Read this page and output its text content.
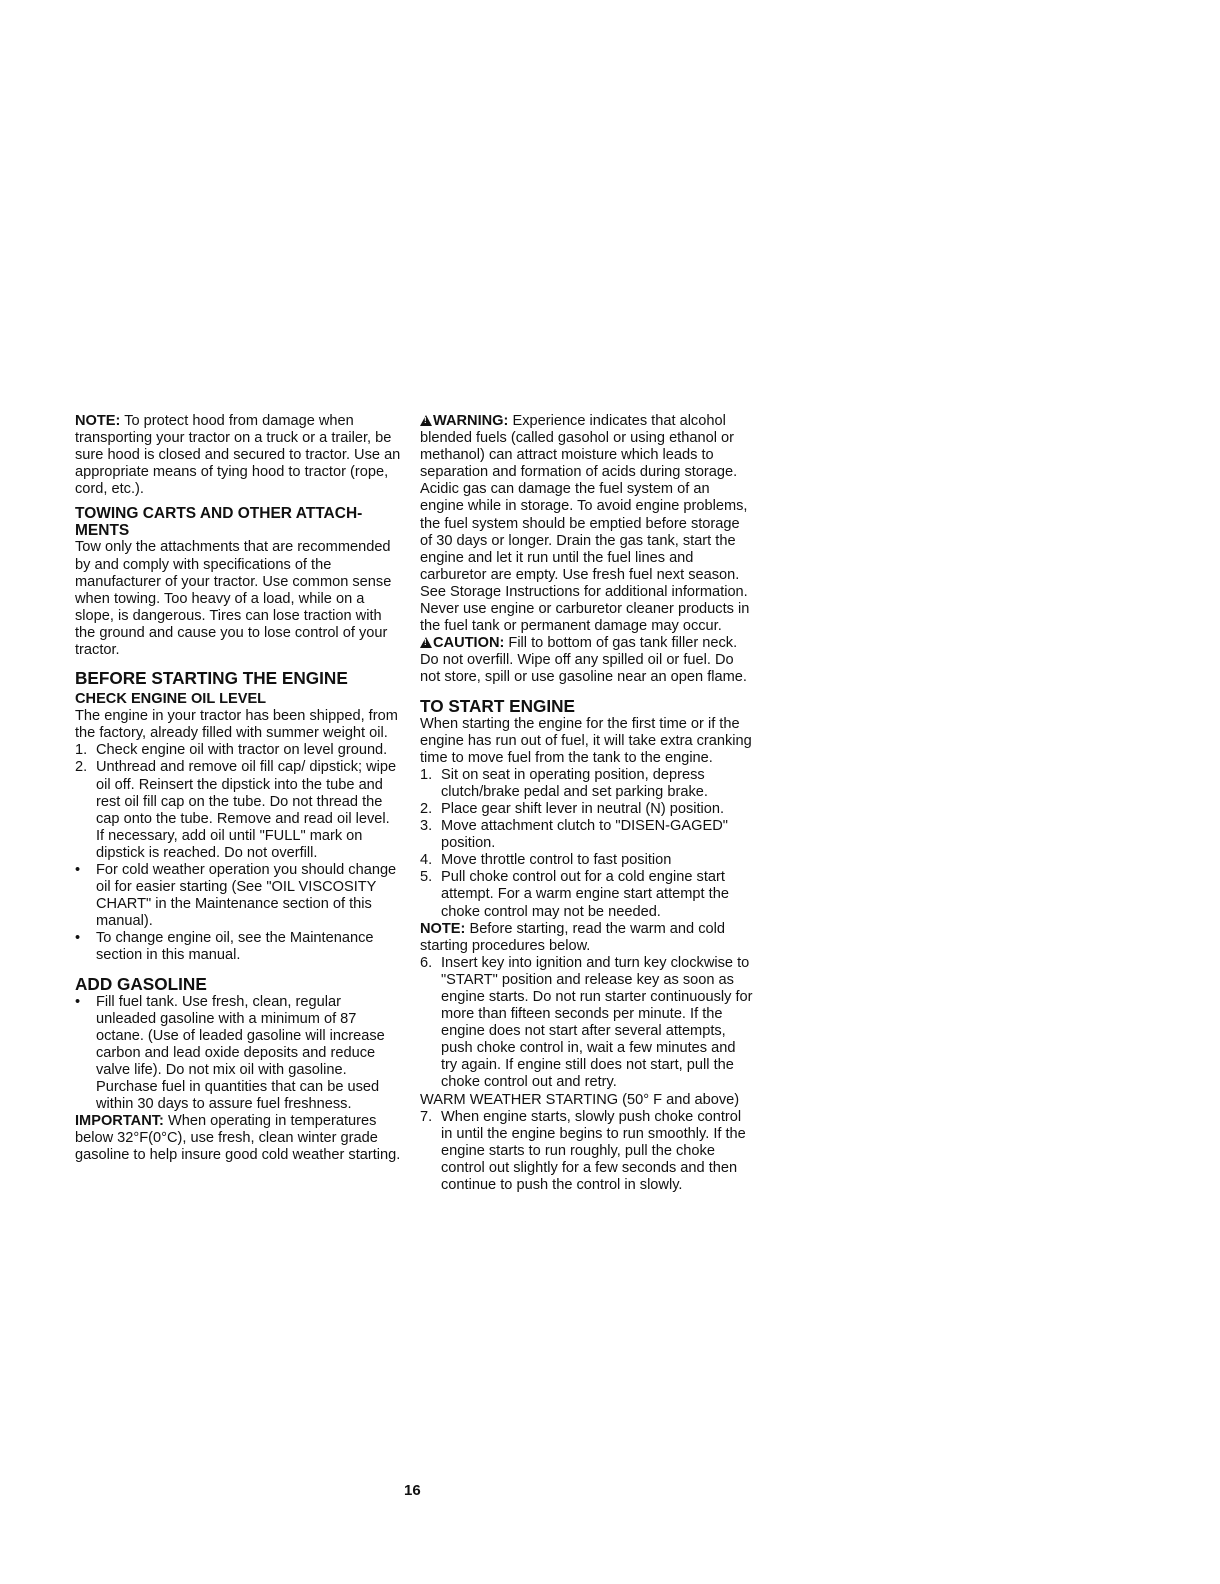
NOTE: To protect hood from damage when transporting your tractor on a truck or a trailer, be sure hood is closed and secured to tractor. Use an appropriate means of tying hood to tractor (rope, cord, etc.).

TOWING CARTS AND OTHER ATTACH-MENTS

Tow only the attachments that are recommended by and comply with specifications of the manufacturer of your tractor. Use common sense when towing. Too heavy of a load, while on a slope, is dangerous. Tires can lose traction with the ground and cause you to lose control of your tractor.

BEFORE STARTING THE ENGINE
CHECK ENGINE OIL LEVEL

The engine in your tractor has been shipped, from the factory, already filled with summer weight oil.

1. Check engine oil with tractor on level ground.
2. Unthread and remove oil fill cap/ dipstick; wipe oil off. Reinsert the dipstick into the tube and rest oil fill cap on the tube. Do not thread the cap onto the tube. Remove and read oil level. If necessary, add oil until "FULL" mark on dipstick is reached. Do not overfill.
• For cold weather operation you should change oil for easier starting (See "OIL VISCOSITY CHART" in the Maintenance section of this manual).
• To change engine oil, see the Maintenance section in this manual.
ADD GASOLINE
• Fill fuel tank. Use fresh, clean, regular unleaded gasoline with a minimum of 87 octane. (Use of leaded gasoline will increase carbon and lead oxide deposits and reduce valve life). Do not mix oil with gasoline. Purchase fuel in quantities that can be used within 30 days to assure fuel freshness.

IMPORTANT: When operating in temperatures below 32°F(0°C), use fresh, clean winter grade gasoline to help insure good cold weather starting.

!WARNING: Experience indicates that alcohol blended fuels (called gasohol or using ethanol or methanol) can attract moisture which leads to separation and formation of acids during storage. Acidic gas can damage the fuel system of an engine while in storage. To avoid engine problems, the fuel system should be emptied before storage of 30 days or longer. Drain the gas tank, start the engine and let it run until the fuel lines and carburetor are empty. Use fresh fuel next season. See Storage Instructions for additional information. Never use engine or carburetor cleaner products in the fuel tank or permanent damage may occur.

!CAUTION: Fill to bottom of gas tank filler neck. Do not overfill. Wipe off any spilled oil or fuel. Do not store, spill or use gasoline near an open flame.

TO START ENGINE

When starting the engine for the first time or if the engine has run out of fuel, it will take extra cranking time to move fuel from the tank to the engine.

1. Sit on seat in operating position, depress clutch/brake pedal and set parking brake.
2. Place gear shift lever in neutral (N) position.
3. Move attachment clutch to "DISEN-GAGED" position.
4. Move throttle control to fast position
5. Pull choke control out for a cold engine start attempt. For a warm engine start attempt the choke control may not be needed.

NOTE: Before starting, read the warm and cold starting procedures below.

6. Insert key into ignition and turn key clockwise to "START" position and release key as soon as engine starts. Do not run starter continuously for more than fifteen seconds per minute. If the engine does not start after several attempts, push choke control in, wait a few minutes and try again. If engine still does not start, pull the choke control out and retry.

WARM WEATHER STARTING (50° F and above)

7. When engine starts, slowly push choke control in until the engine begins to run smoothly. If the engine starts to run roughly, pull the choke control out slightly for a few seconds and then continue to push the control in slowly.
16
